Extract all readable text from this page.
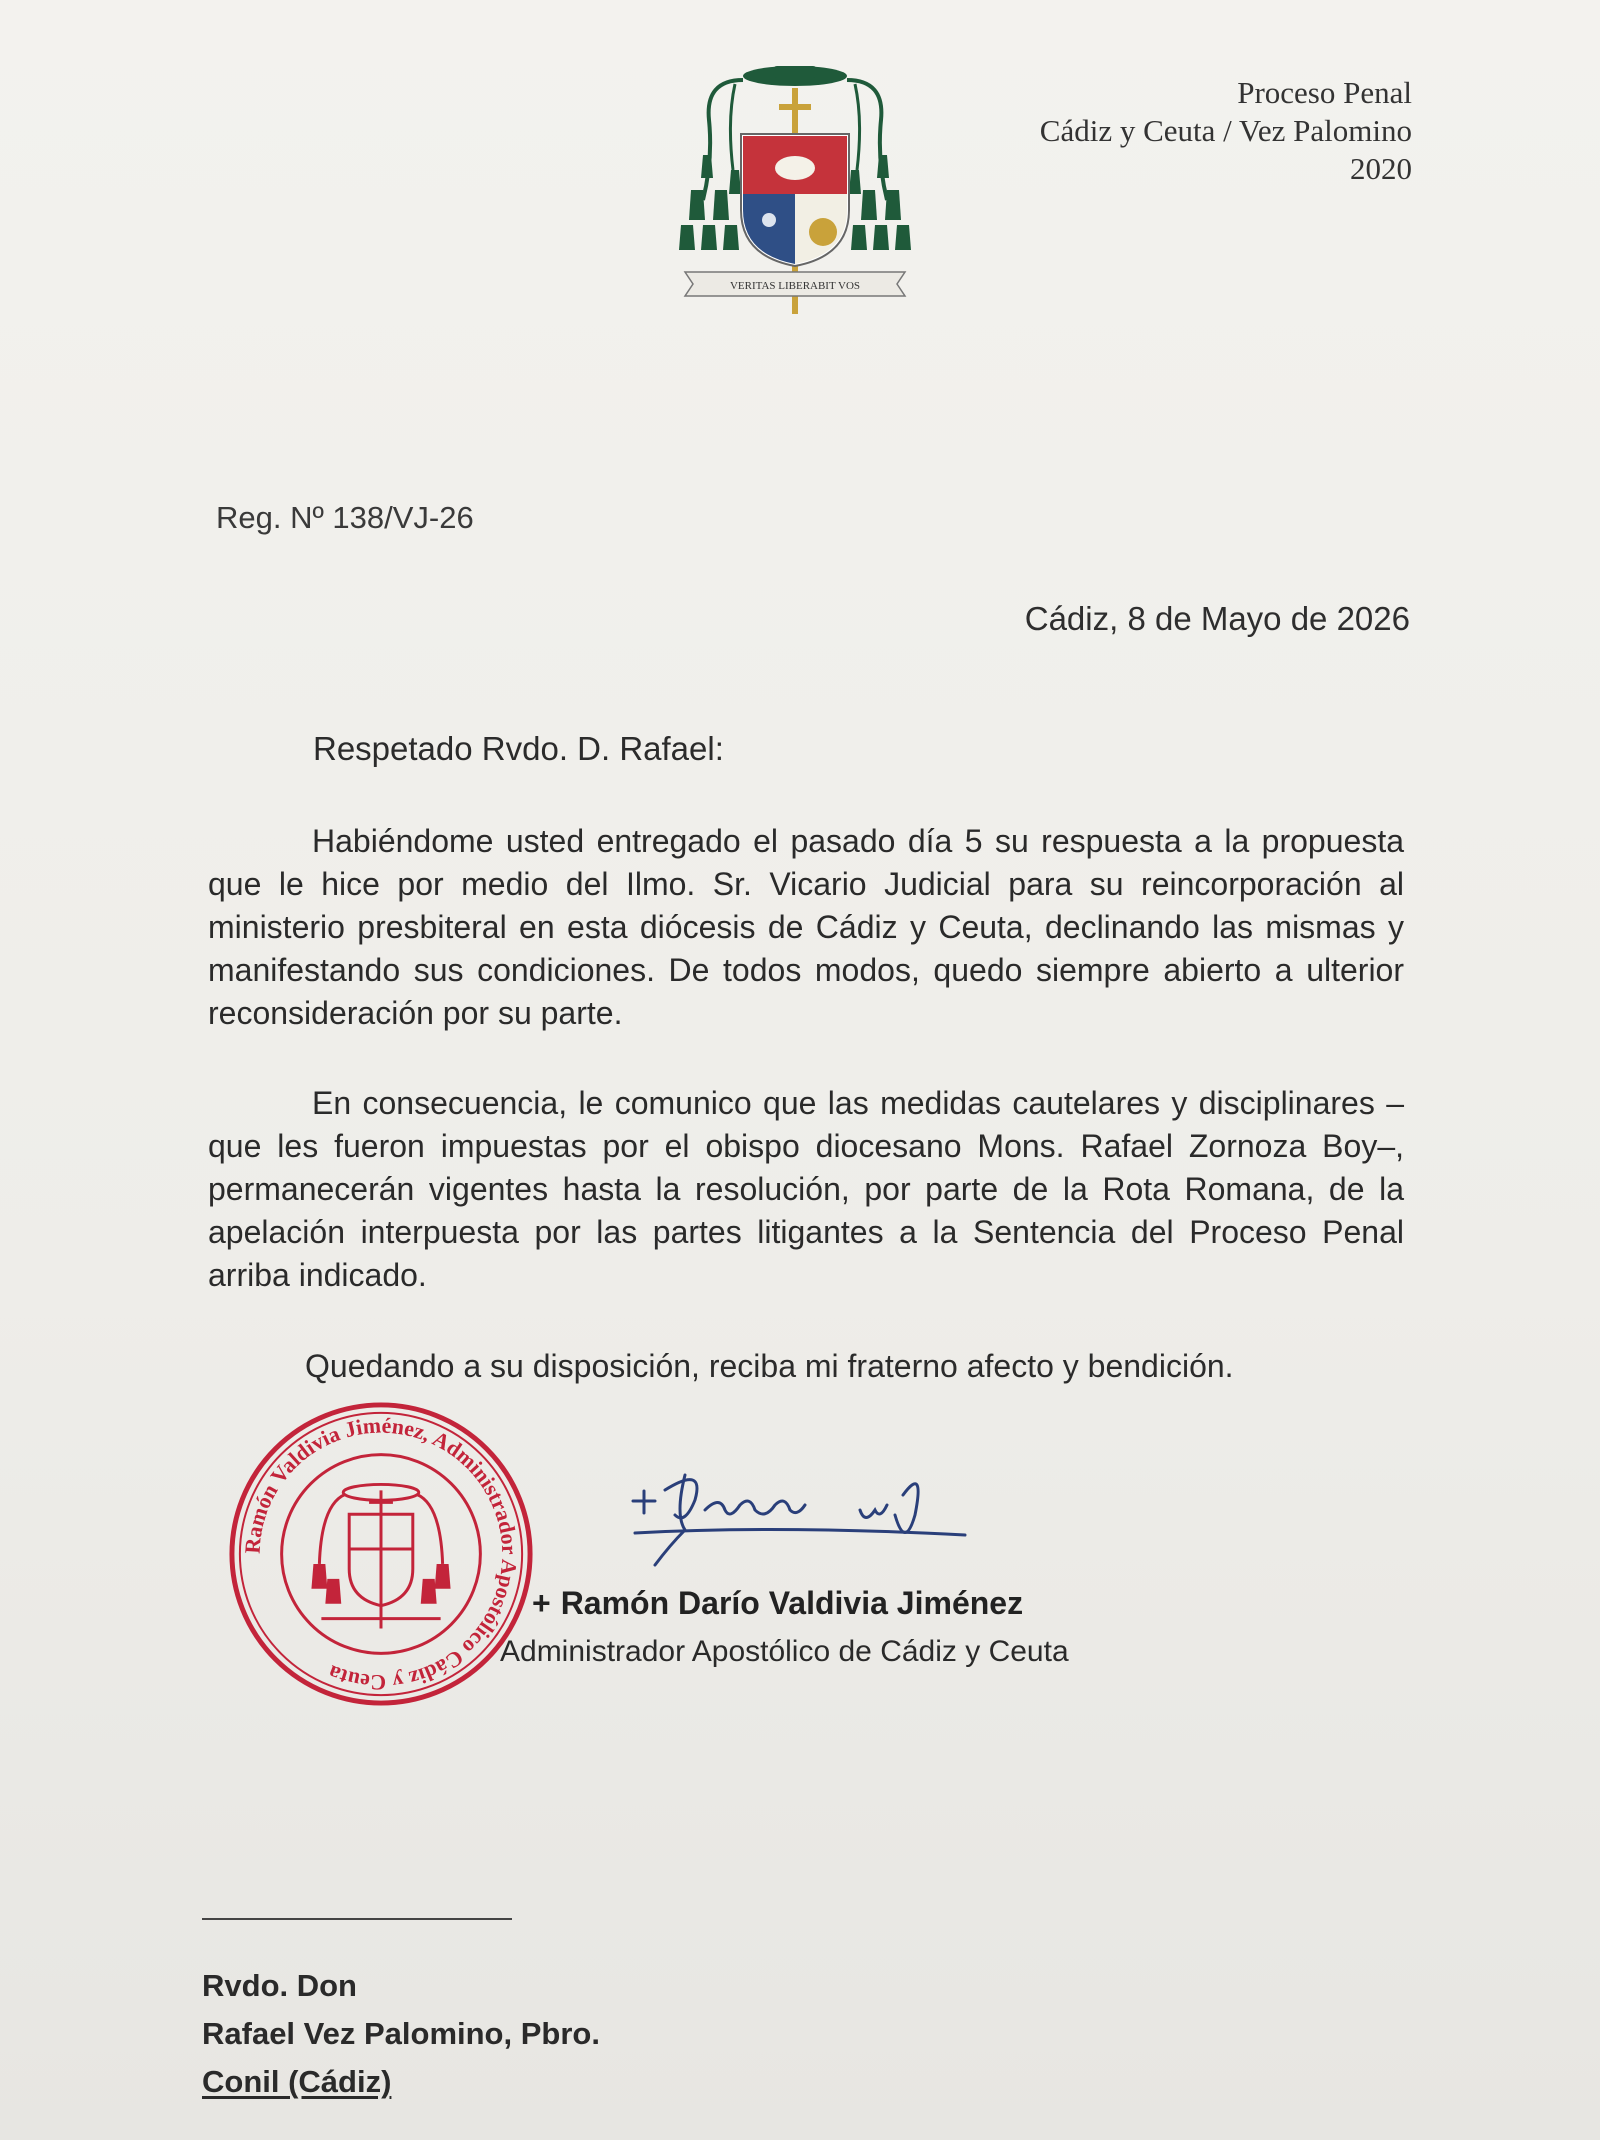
VERITAS LIBERABIT VOS
Proceso Penal
Cádiz y Ceuta / Vez Palomino
2020
Reg. Nº 138/VJ-26
Cádiz, 8 de Mayo de 2026
Respetado Rvdo. D. Rafael:
Habiéndome usted entregado el pasado día 5 su respuesta a la propuesta que le hice por medio del Ilmo. Sr. Vicario Judicial para su reincorporación al ministerio presbiteral en esta diócesis de Cádiz y Ceuta, declinando las mismas y manifestando sus condiciones. De todos modos, quedo siempre abierto a ulterior reconsideración por su parte.
En consecuencia, le comunico que las medidas cautelares y disciplinares –que les fueron impuestas por el obispo diocesano Mons. Rafael Zornoza Boy–, permanecerán vigentes hasta la resolución, por parte de la Rota Romana, de la apelación interpuesta por las partes litigantes a la Sentencia del Proceso Penal arriba indicado.
Quedando a su disposición, reciba mi fraterno afecto y bendición.
Ramón Valdivia Jiménez, Administrador Apostólico Cádiz y Ceuta
+ Ramón Darío Valdivia Jiménez
Administrador Apostólico de Cádiz y Ceuta
Rvdo. Don
Rafael Vez Palomino, Pbro.
Conil (Cádiz)
